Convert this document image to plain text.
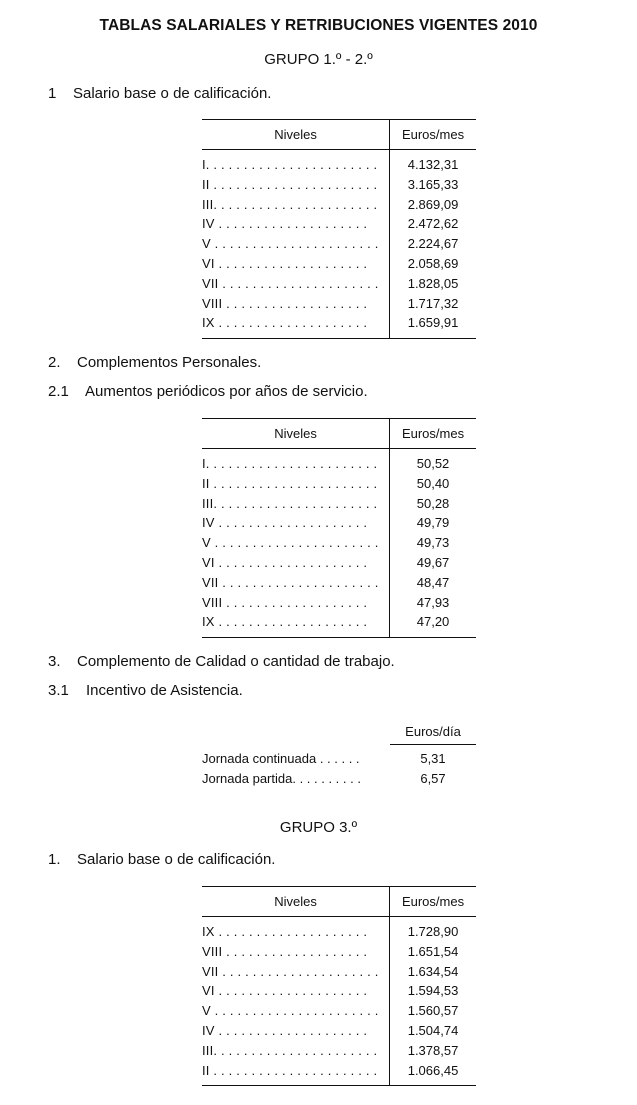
TABLAS SALARIALES Y RETRIBUCIONES VIGENTES 2010
GRUPO 1.º - 2.º
1 Salario base o de calificación.
Niveles	Euros/mes
I. . . . . . . . . . . . . . . . . . . . . . .	4.132,31
II . . . . . . . . . . . . . . . . . . . . . .	3.165,33
III. . . . . . . . . . . . . . . . . . . . . .	2.869,09
IV . . . . . . . . . . . . . . . . . . . .	2.472,62
V . . . . . . . . . . . . . . . . . . . . . .	2.224,67
VI . . . . . . . . . . . . . . . . . . . .	2.058,69
VII . . . . . . . . . . . . . . . . . . . . .	1.828,05
VIII . . . . . . . . . . . . . . . . . . .	1.717,32
IX . . . . . . . . . . . . . . . . . . . .	1.659,91
2. Complementos Personales.
2.1 Aumentos periódicos por años de servicio.
Niveles	Euros/mes
I. . . . . . . . . . . . . . . . . . . . . . .	50,52
II . . . . . . . . . . . . . . . . . . . . . .	50,40
III. . . . . . . . . . . . . . . . . . . . . .	50,28
IV . . . . . . . . . . . . . . . . . . . .	49,79
V . . . . . . . . . . . . . . . . . . . . . .	49,73
VI . . . . . . . . . . . . . . . . . . . .	49,67
VII . . . . . . . . . . . . . . . . . . . . .	48,47
VIII . . . . . . . . . . . . . . . . . . .	47,93
IX . . . . . . . . . . . . . . . . . . . .	47,20
3. Complemento de Calidad o cantidad de trabajo.
3.1 Incentivo de Asistencia.
Euros/día
Jornada continuada . . . . . .	5,31
Jornada partida. . . . . . . . . .	6,57
GRUPO 3.º
1. Salario base o de calificación.
Niveles	Euros/mes
IX . . . . . . . . . . . . . . . . . . . .	1.728,90
VIII . . . . . . . . . . . . . . . . . . .	1.651,54
VII . . . . . . . . . . . . . . . . . . . . .	1.634,54
VI . . . . . . . . . . . . . . . . . . . .	1.594,53
V . . . . . . . . . . . . . . . . . . . . . .	1.560,57
IV . . . . . . . . . . . . . . . . . . . .	1.504,74
III. . . . . . . . . . . . . . . . . . . . . .	1.378,57
II . . . . . . . . . . . . . . . . . . . . . .	1.066,45
